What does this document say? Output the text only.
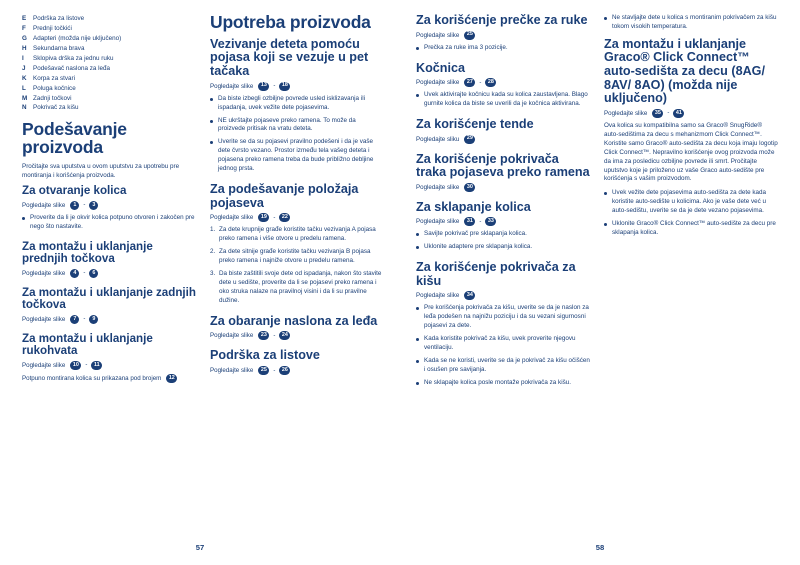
E	Podrška za listove
F	Prednji točkići
G Adapteri (možda nije uključeno)
H	Sekundarna brava
I	Sklopiva drška za jednu ruku
J	Podešavač naslona za leđa
K	Korpa za stvari
L	Poluga kočnice
M Zadnji točkovi
N	Pokrivač za kišu
Podešavanje proizvoda

Pročitajte sva uputstva u ovom uputstvu za upotrebu pre montiranja i korišćenja proizvoda.

Za otvaranje kolica
Pogledajte slike	1	-	3
Proverite da li je okvir kolica potpuno otvoren i zakočen pre nego što nastavite.
Za montažu i uklanjanje prednjih točkova
Pogledajte slike	4	-	6
Za montažu i uklanjanje zadnjih točkova
Pogledajte slike	7	-	9
Za montažu i uklanjanje rukohvata
Pogledajte slike	10	-	11
Potpuno montirana kolica su prikazana pod brojem	12
Upotreba proizvoda
Vezivanje deteta pomoću pojasa koji se vezuje u pet tačaka
Pogledajte slike	13	-	18
Da biste izbegli ozbiljne povrede usled isklizavanja ili ispadanja, uvek vežite dete pojasevima.
NE ukrštajte pojaseve preko ramena. To može da proizvede pritisak na vratu deteta.
Uverite se da su pojasevi pravilno podešeni i da je vaše dete čvrsto vezano. Prostor između tela vašeg deteta i pojasena preko ramena treba da bude približno debljine jednog prsta.
Za podešavanje položaja pojaseva
Pogledajte slike	19	-	22
Za dete krupnije građe koristite tačku vezivanja A pojasa preko ramena i više otvore u predelu ramena.
Za dete sitnije građe koristite tačku vezivanja B pojasa preko ramena i najniže otvore u predelu ramena.
Da biste zaštitili svoje dete od ispadanja, nakon što stavite dete u sedište, proverite da li se pojasevi preko ramena i oko struka nalaze na pravilnoj visini i da li su pravilne dužine.
Za obaranje naslona za leđa
Pogledajte slike	23	-	24
Podrška za listove
Pogledajte slike	25	-	26
57
Za korišćenje prečke za ruke
Pogledajte slike	25
Prečka za ruke ima 3 pozicije.
Kočnica
Pogledajte slike	27	-	28
Uvek aktivirajte kočnicu kada su kolica zaustavljena. Blago gurnite kolica da biste se uverili da je kočnica aktivirana.
Za korišćenje tende
Pogledajte sliku	29
Za korišćenje pokrivača traka pojaseva preko ramena
Pogledajte slike	30
Za sklapanje kolica
Pogledajte slike	31	-	33
Savijte pokrivač pre sklapanja kolica.
Uklonite adaptere pre sklapanja kolica.
Za korišćenje pokrivača za kišu
Pogledajte slike	34
Pre korišćenja pokrivača za kišu, uverite se da je naslon za leđa podešen na najnižu poziciju i da su vezani sigurnosni pojasevi za dete.
Kada koristite pokrivač za kišu, uvek proverite njegovu ventilaciju.
Kada se ne koristi, uverite se da je pokrivač za kišu očišćen i osušen pre savijanja.
Ne sklapajte kolica posle montaže pokrivača za kišu.
Ne stavljajte dete u kolica s montiranim pokrivačem za kišu tokom visokih temperatura.
Za montažu i uklanjanje Graco® Click Connect™ auto-sedišta za decu (8AG/ 8AV/ 8AO) (možda nije uključeno)
Pogledajte slike	35	-	41

Ova kolica su kompatibilna samo sa Graco® SnugRide® auto-sedištima za decu s mehanizmom Click Connect™. Koristite samo Graco® auto-sedišta za decu koja imaju logotip Click Connect™. Nepravilno korišćenje ovog proizvoda može da ima za posledicu ozbiljne povrede ili smrt. Pročitajte uputstvo koje je priloženo uz vaše Graco auto-sedište pre korišćenja s vašim proizvodom.

Uvek vežite dete pojasevima auto-sedišta za dete kada koristite auto-sedište u kolicima. Ako je vaše dete već u auto-sedištu, uverite se da je dete vezano pojasevima.
Uklonite Graco® Click Connect™ auto-sedište za decu pre sklapanja kolica.
58
